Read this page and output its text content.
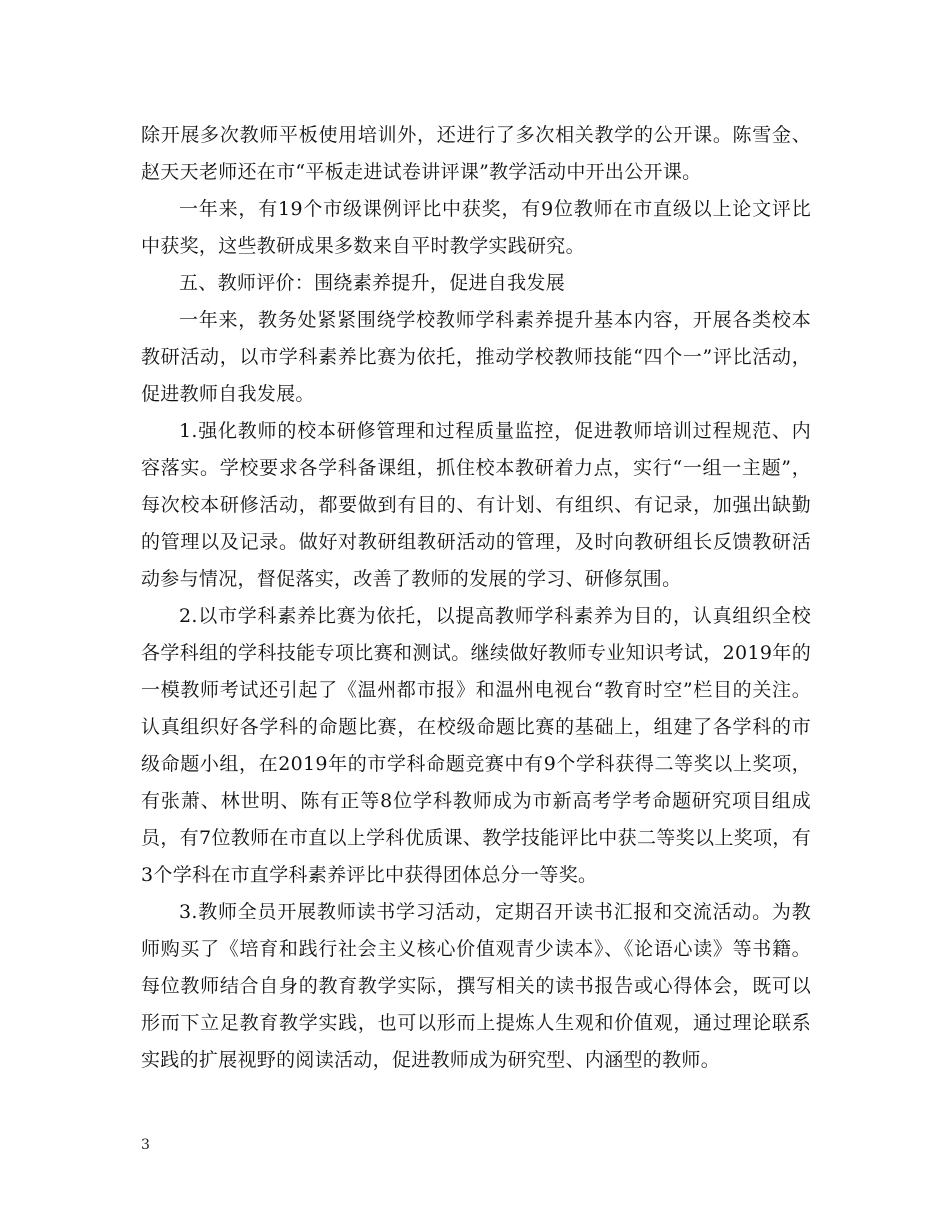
除开展多次教师平板使用培训外，还进行了多次相关教学的公开课。陈雪金、赵天天老师还在市“平板走进试卷讲评课”教学活动中开出公开课。

一年来，有19个市级课例评比中获奖，有9位教师在市直级以上论文评比中获奖，这些教研成果多数来自平时教学实践研究。

五、教师评价：围绕素养提升，促进自我发展

一年来，教务处紧紧围绕学校教师学科素养提升基本内容，开展各类校本教研活动，以市学科素养比赛为依托，推动学校教师技能“四个一”评比活动，促进教师自我发展。

1.强化教师的校本研修管理和过程质量监控，促进教师培训过程规范、内容落实。学校要求各学科备课组，抓住校本教研着力点，实行“一组一主题”，每次校本研修活动，都要做到有目的、有计划、有组织、有记录，加强出缺勤的管理以及记录。做好对教研组教研活动的管理，及时向教研组长反馈教研活动参与情况，督促落实，改善了教师的发展的学习、研修氛围。

2.以市学科素养比赛为依托，以提高教师学科素养为目的，认真组织全校各学科组的学科技能专项比赛和测试。继续做好教师专业知识考试，2019年的一模教师考试还引起了《温州都市报》和温州电视台“教育时空”栏目的关注。认真组织好各学科的命题比赛，在校级命题比赛的基础上，组建了各学科的市级命题小组，在2019年的市学科命题竞赛中有9个学科获得二等奖以上奖项，有张萧、林世明、陈有正等8位学科教师成为市新高考学考命题研究项目组成员，有7位教师在市直以上学科优质课、教学技能评比中获二等奖以上奖项，有3个学科在市直学科素养评比中获得团体总分一等奖。

3.教师全员开展教师读书学习活动，定期召开读书汇报和交流活动。为教师购买了《培育和践行社会主义核心价值观青少读本》、《论语心读》等书籍。每位教师结合自身的教育教学实际，撰写相关的读书报告或心得体会，既可以形而下立足教育教学实践，也可以形而上提炼人生观和价值观，通过理论联系实践的扩展视野的阅读活动，促进教师成为研究型、内涵型的教师。

3
